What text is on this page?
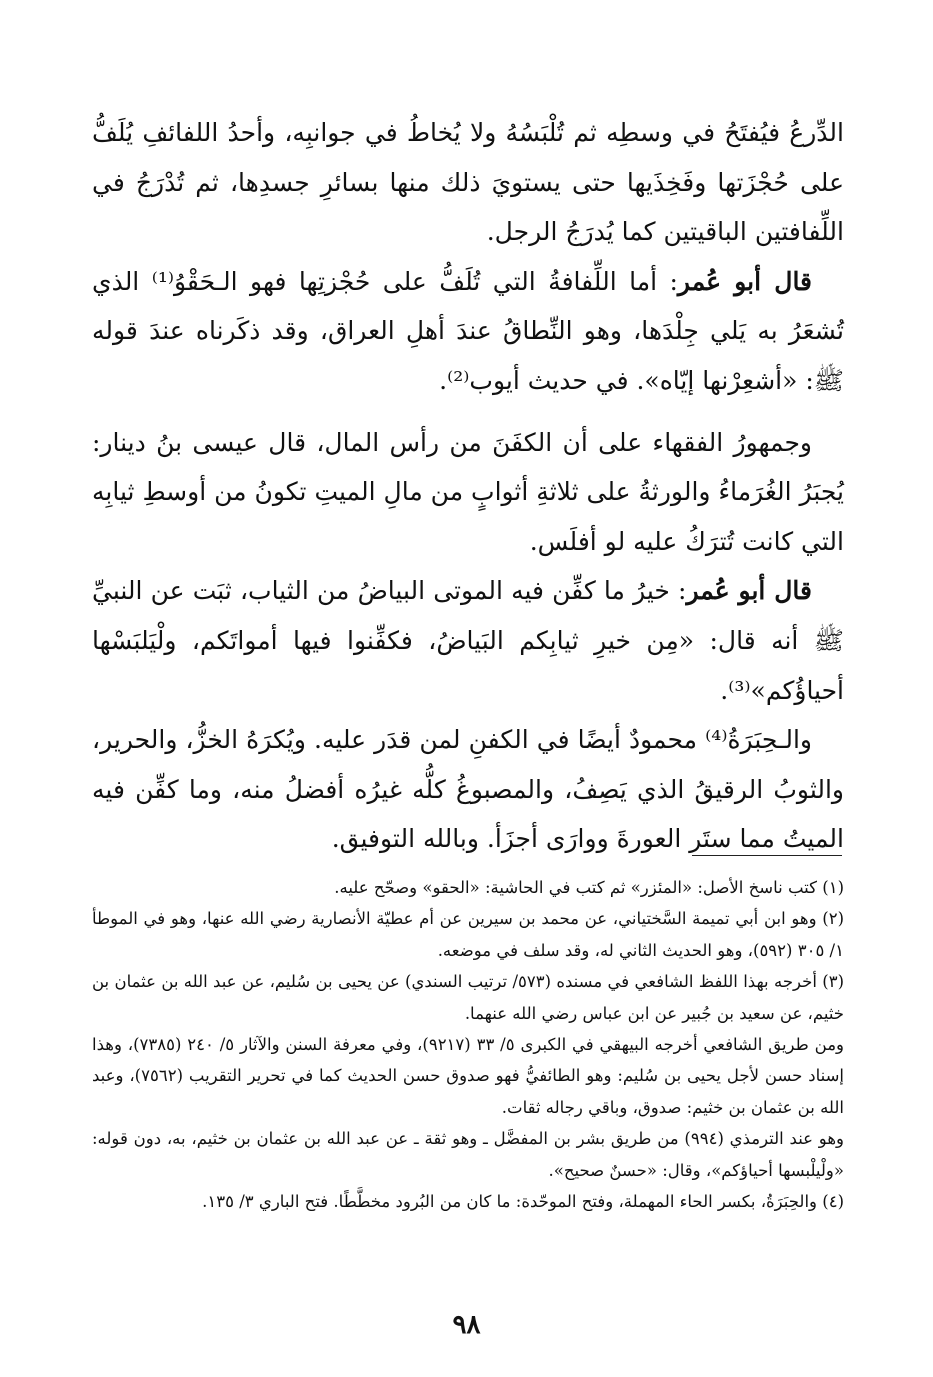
الدِّرعُ فيُفتَحُ في وسطِه ثم تُلْبَسُهُ ولا يُخاطُ في جوانبِه، وأحدُ اللفائفِ يُلَفُّ على حُجْزَتها وفَخِذَيها حتى يستويَ ذلك منها بسائرِ جسدِها، ثم تُدْرَجُ في اللِّفافتين الباقيتين كما يُدرَجُ الرجل.

قال أبو عُمر: أما اللِّفافةُ التي تُلَفُّ على حُجْزتِها فهو الـحَقْوُ⁽¹⁾ الذي تُشعَرُ به يَلي جِلْدَها، وهو النِّطاقُ عندَ أهلِ العراق، وقد ذكَرناه عندَ قوله ﷺ: «أشعِرْنها إيّاه». في حديث أيوب⁽²⁾.

وجمهورُ الفقهاء على أن الكفَنَ من رأس المال، قال عيسى بنُ دينار: يُجبَرُ الغُرَماءُ والورثةُ على ثلاثةِ أثوابٍ من مالِ الميتِ تكونُ من أوسطِ ثيابِه التي كانت تُترَكُ عليه لو أفلَس.

قال أبو عُمر: خيرُ ما كفِّن فيه الموتى البياضُ من الثياب، ثبَت عن النبيِّ ﷺ أنه قال: «مِن خيرِ ثيابِكم البَياضُ، فكفِّنوا فيها أمواتَكم، ولْيَلبَسْها أحياؤُكم»⁽³⁾.

والـحِبَرَةُ⁽⁴⁾ محمودٌ أيضًا في الكفنِ لمن قدَر عليه. ويُكرَهُ الخزُّ، والحرير، والثوبُ الرقيقُ الذي يَصِفُ، والمصبوغُ كلُّه غيرُه أفضلُ منه، وما كفِّن فيه الميتُ مما ستَر العورةَ ووارَى أجزَأ. وبالله التوفيق.

(١) كتب ناسخ الأصل: «المئزر» ثم كتب في الحاشية: «الحقو» وصحّح عليه.

(٢) وهو ابن أبي تميمة السَّختياني، عن محمد بن سيرين عن أم عطيّة الأنصارية رضي الله عنها، وهو في الموطأ ١/ ٣٠٥ (٥٩٢)، وهو الحديث الثاني له، وقد سلف في موضعه.

(٣) أخرجه بهذا اللفظ الشافعي في مسنده (٥٧٣/ ترتيب السندي) عن يحيى بن سُليم، عن عبد الله بن عثمان بن خثيم، عن سعيد بن جُبير عن ابن عباس رضي الله عنهما.

ومن طريق الشافعي أخرجه البيهقي في الكبرى ٥/ ٣٣ (٩٢١٧)، وفي معرفة السنن والآثار ٥/ ٢٤٠ (٧٣٨٥)، وهذا إسناد حسن لأجل يحيى بن سُليم: وهو الطائفيُّ فهو صدوق حسن الحديث كما في تحرير التقريب (٧٥٦٢)، وعبد الله بن عثمان بن خثيم: صدوق، وباقي رجاله ثقات.

وهو عند الترمذي (٩٩٤) من طريق بشر بن المفضَّل ـ وهو ثقة ـ عن عبد الله بن عثمان بن خثيم، به، دون قوله: «ولْيلْبسها أحياؤكم»، وقال: «حسنٌ صحيح».

(٤) والحِبَرَةُ، بكسر الحاء المهملة، وفتح الموحّدة: ما كان من البُرود مخطَّطًا. فتح الباري ٣/ ١٣٥.

٩٨
